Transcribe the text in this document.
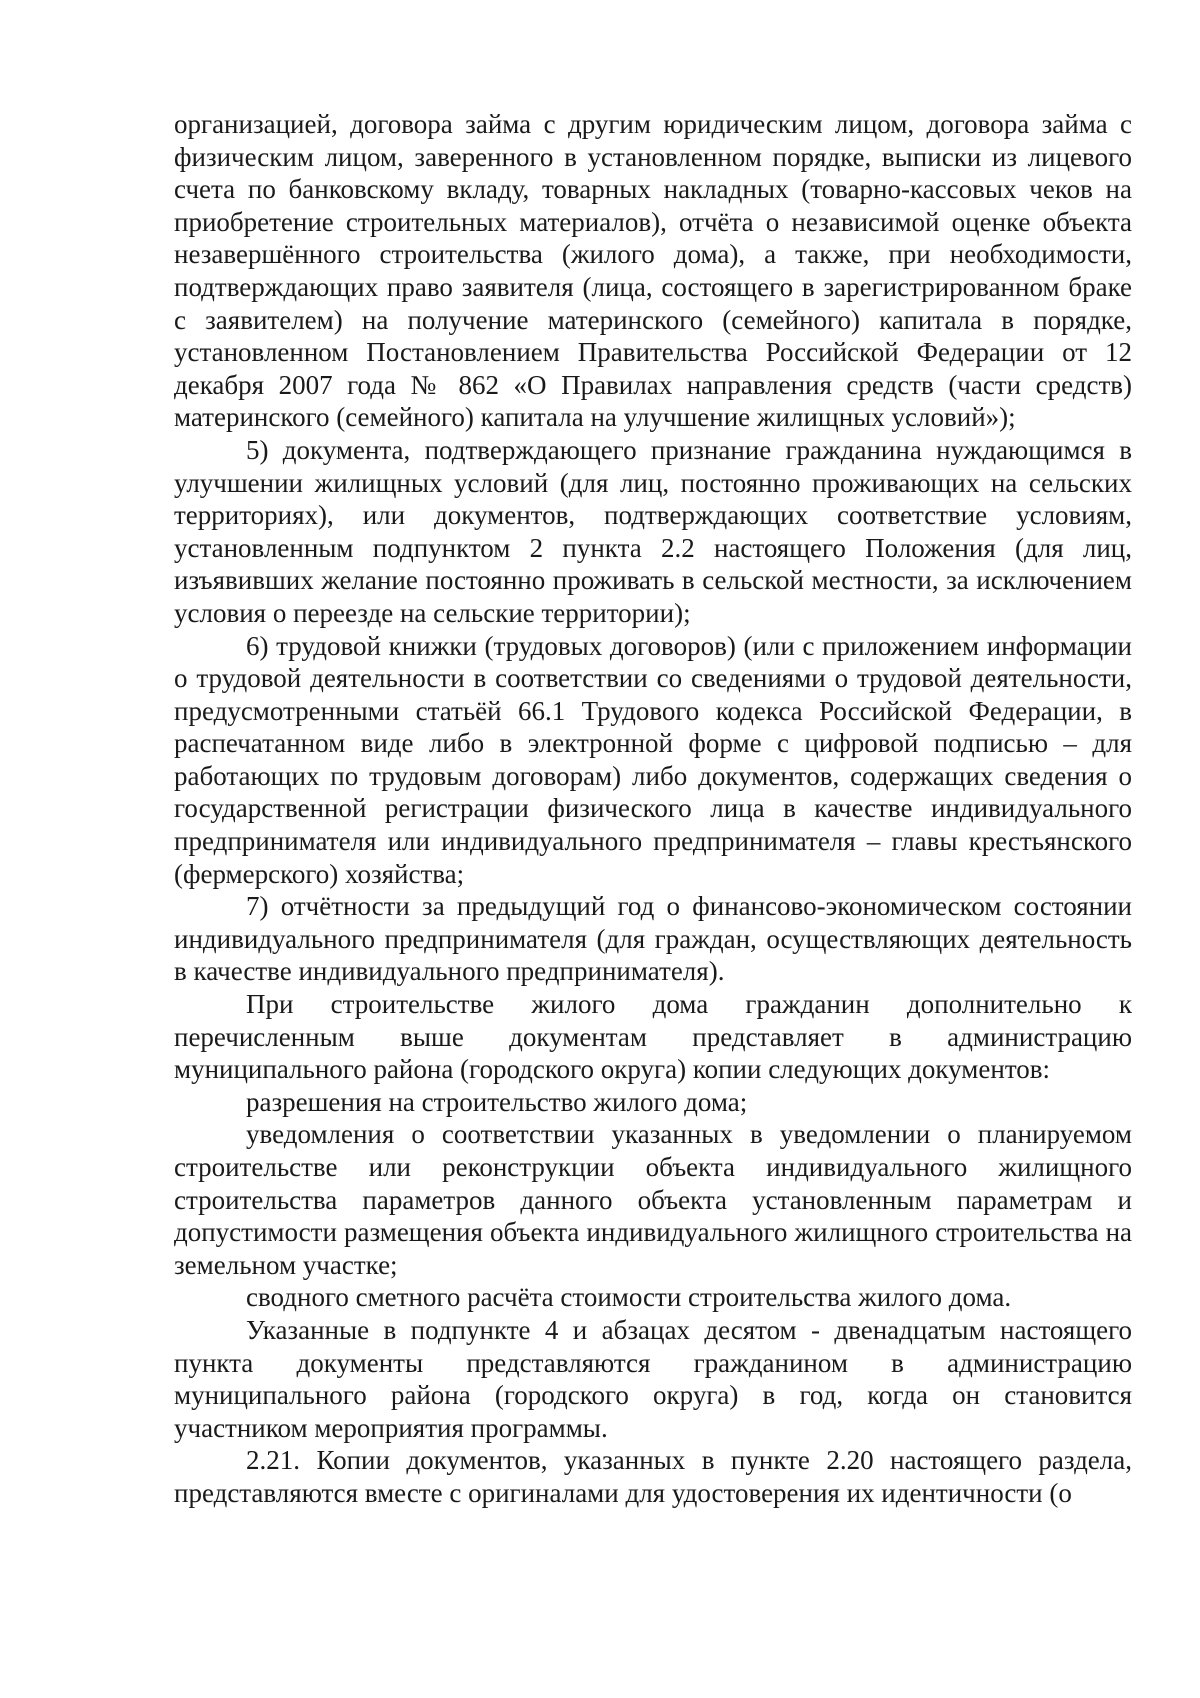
организацией, договора займа с другим юридическим лицом, договора займа с физическим лицом, заверенного в установленном порядке, выписки из лицевого счета по банковскому вкладу, товарных накладных (товарно-кассовых чеков на приобретение строительных материалов), отчёта о независимой оценке объекта незавершённого строительства (жилого дома), а также, при необходимости, подтверждающих право заявителя (лица, состоящего в зарегистрированном браке с заявителем) на получение материнского (семейного) капитала в порядке, установленном Постановлением Правительства Российской Федерации от 12 декабря 2007 года № 862 «О Правилах направления средств (части средств) материнского (семейного) капитала на улучшение жилищных условий»);

5) документа, подтверждающего признание гражданина нуждающимся в улучшении жилищных условий (для лиц, постоянно проживающих на сельских территориях), или документов, подтверждающих соответствие условиям, установленным подпунктом 2 пункта 2.2 настоящего Положения (для лиц, изъявивших желание постоянно проживать в сельской местности, за исключением условия о переезде на сельские территории);

6) трудовой книжки (трудовых договоров) (или с приложением информации о трудовой деятельности в соответствии со сведениями о трудовой деятельности, предусмотренными статьёй 66.1 Трудового кодекса Российской Федерации, в распечатанном виде либо в электронной форме с цифровой подписью – для работающих по трудовым договорам) либо документов, содержащих сведения о государственной регистрации физического лица в качестве индивидуального предпринимателя или индивидуального предпринимателя – главы крестьянского (фермерского) хозяйства;

7) отчётности за предыдущий год о финансово-экономическом состоянии индивидуального предпринимателя (для граждан, осуществляющих деятельность в качестве индивидуального предпринимателя).

При строительстве жилого дома гражданин дополнительно к перечисленным выше документам представляет в администрацию муниципального района (городского округа) копии следующих документов:

разрешения на строительство жилого дома;

уведомления о соответствии указанных в уведомлении о планируемом строительстве или реконструкции объекта индивидуального жилищного строительства параметров данного объекта установленным параметрам и допустимости размещения объекта индивидуального жилищного строительства на земельном участке;

сводного сметного расчёта стоимости строительства жилого дома.

Указанные в подпункте 4 и абзацах десятом - двенадцатым настоящего пункта документы представляются гражданином в администрацию муниципального района (городского округа) в год, когда он становится участником мероприятия программы.

2.21. Копии документов, указанных в пункте 2.20 настоящего раздела, представляются вместе с оригиналами для удостоверения их идентичности (о
